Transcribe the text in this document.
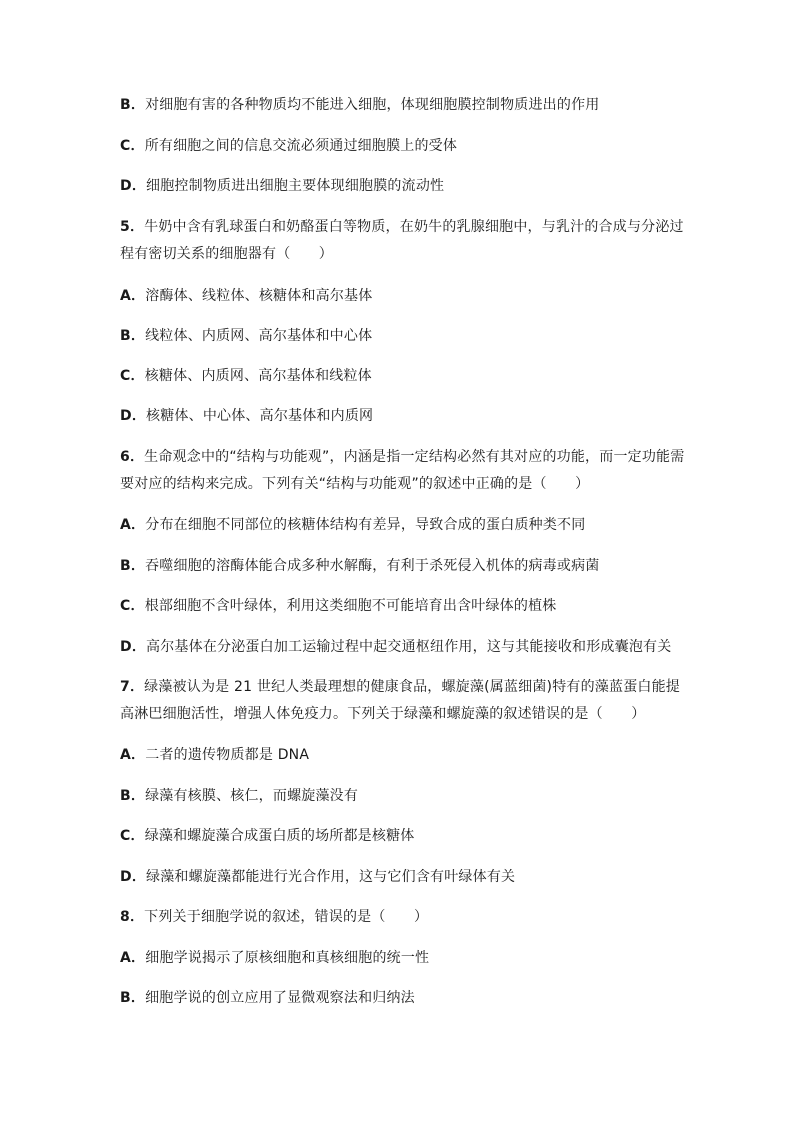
B．对细胞有害的各种物质均不能进入细胞，体现细胞膜控制物质进出的作用
C．所有细胞之间的信息交流必须通过细胞膜上的受体
D．细胞控制物质进出细胞主要体现细胞膜的流动性
5．牛奶中含有乳球蛋白和奶酪蛋白等物质，在奶牛的乳腺细胞中，与乳汁的合成与分泌过
程有密切关系的细胞器有（　　）
A．溶酶体、线粒体、核糖体和高尔基体
B．线粒体、内质网、高尔基体和中心体
C．核糖体、内质网、高尔基体和线粒体
D．核糖体、中心体、高尔基体和内质网
6．生命观念中的“结构与功能观”，内涵是指一定结构必然有其对应的功能，而一定功能需
要对应的结构来完成。下列有关“结构与功能观”的叙述中正确的是（　　）
A．分布在细胞不同部位的核糖体结构有差异，导致合成的蛋白质种类不同
B．吞噬细胞的溶酶体能合成多种水解酶，有利于杀死侵入机体的病毒或病菌
C．根部细胞不含叶绿体，利用这类细胞不可能培育出含叶绿体的植株
D．高尔基体在分泌蛋白加工运输过程中起交通枢纽作用，这与其能接收和形成囊泡有关
7．绿藻被认为是 21 世纪人类最理想的健康食品，螺旋藻(属蓝细菌)特有的藻蓝蛋白能提
高淋巴细胞活性，增强人体免疫力。下列关于绿藻和螺旋藻的叙述错误的是（　　）
A．二者的遗传物质都是 DNA
B．绿藻有核膜、核仁，而螺旋藻没有
C．绿藻和螺旋藻合成蛋白质的场所都是核糖体
D．绿藻和螺旋藻都能进行光合作用，这与它们含有叶绿体有关
8．下列关于细胞学说的叙述，错误的是（　　）
A．细胞学说揭示了原核细胞和真核细胞的统一性
B．细胞学说的创立应用了显微观察法和归纳法
